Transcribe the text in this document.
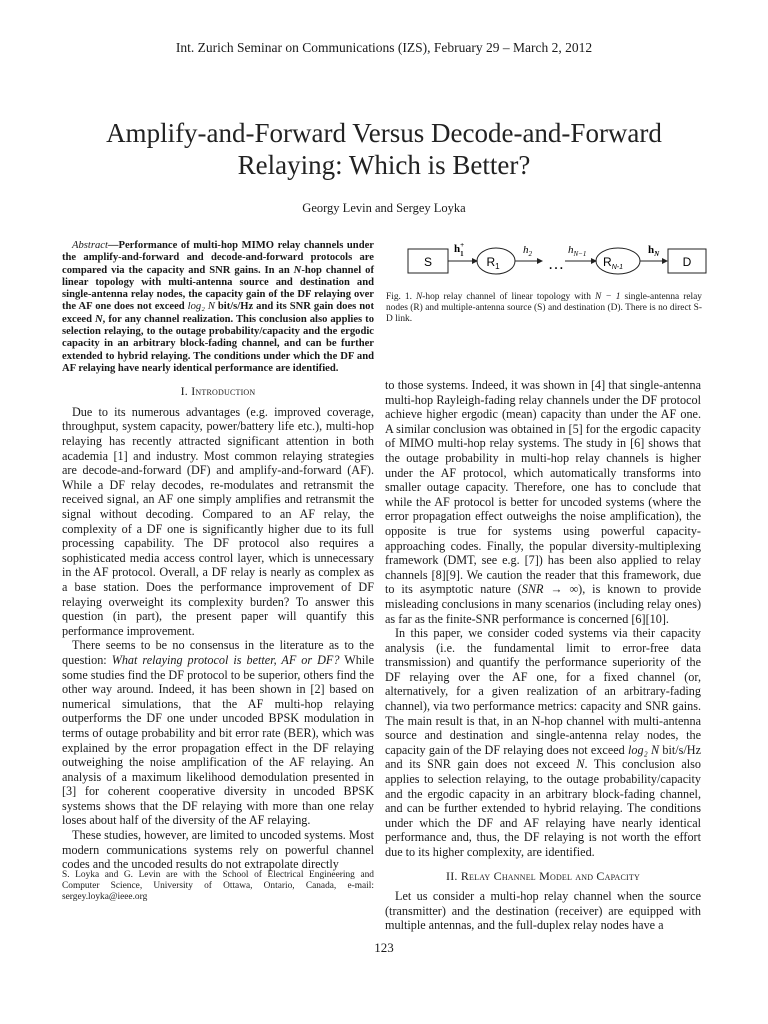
Int. Zurich Seminar on Communications (IZS), February 29 – March 2, 2012
Amplify-and-Forward Versus Decode-and-Forward
Relaying: Which is Better?
Georgy Levin and Sergey Loyka

Abstract—Performance of multi-hop MIMO relay channels under the amplify-and-forward and decode-and-forward protocols are compared via the capacity and SNR gains. In an N-hop channel of linear topology with multi-antenna source and destination and single-antenna relay nodes, the capacity gain of the DF relaying over the AF one does not exceed log₂ N bit/s/Hz and its SNR gain does not exceed N, for any channel realization. This conclusion also applies to selection relaying, to the outage probability/capacity and the ergodic capacity in an arbitrary block-fading channel, and can be further extended to hybrid relaying. The conditions under which the DF and AF relaying have nearly identical performance are identified.

I. Introduction

Due to its numerous advantages (e.g. improved coverage, throughput, system capacity, power/battery life etc.), multi-hop relaying has recently attracted significant attention in both academia [1] and industry. Most common relaying strategies are decode-and-forward (DF) and amplify-and-forward (AF). While a DF relay decodes, re-modulates and retransmit the received signal, an AF one simply amplifies and retransmit the signal without decoding. Compared to an AF relay, the complexity of a DF one is significantly higher due to its full processing capability. The DF protocol also requires a sophisticated media access control layer, which is unnecessary in the AF protocol. Overall, a DF relay is nearly as complex as a base station. Does the performance improvement of DF relaying overweight its complexity burden? To answer this question (in part), the present paper will quantify this performance improvement.

There seems to be no consensus in the literature as to the question: What relaying protocol is better, AF or DF? While some studies find the DF protocol to be superior, others find the other way around. Indeed, it has been shown in [2] based on numerical simulations, that the AF multi-hop relaying outperforms the DF one under uncoded BPSK modulation in terms of outage probability and bit error rate (BER), which was explained by the error propagation effect in the DF relaying outweighing the noise amplification of the AF relaying. An analysis of a maximum likelihood demodulation presented in [3] for coherent cooperative diversity in uncoded BPSK systems shows that the DF relaying with more than one relay loses about half of the diversity of the AF relaying.

These studies, however, are limited to uncoded systems. Most modern communications systems rely on powerful channel codes and the uncoded results do not extrapolate directly

S. Loyka and G. Levin are with the School of Electrical Engineering and Computer Science, University of Ottawa, Ontario, Canada, e-mail: sergey.loyka@ieee.org
S
h+ 1
$R_1$
$h_2$
…
$h_{N-1}$
$R_{N-1}$
$h_N$
D

Fig. 1. N-hop relay channel of linear topology with N − 1 single-antenna relay nodes (R) and multiple-antenna source (S) and destination (D). There is no direct S-D link.

to those systems. Indeed, it was shown in [4] that single-antenna multi-hop Rayleigh-fading relay channels under the DF protocol achieve higher ergodic (mean) capacity than under the AF one. A similar conclusion was obtained in [5] for the ergodic capacity of MIMO multi-hop relay systems. The study in [6] shows that the outage probability in multi-hop relay channels is higher under the AF protocol, which automatically transforms into smaller outage capacity. Therefore, one has to conclude that while the AF protocol is better for uncoded systems (where the error propagation effect outweighs the noise amplification), the opposite is true for systems using powerful capacity-approaching codes. Finally, the popular diversity-multiplexing framework (DMT, see e.g. [7]) has been also applied to relay channels [8][9]. We caution the reader that this framework, due to its asymptotic nature (SNR → ∞), is known to provide misleading conclusions in many scenarios (including relay ones) as far as the finite-SNR performance is concerned [6][10].

In this paper, we consider coded systems via their capacity analysis (i.e. the fundamental limit to error-free data transmission) and quantify the performance superiority of the DF relaying over the AF one, for a fixed channel (or, alternatively, for a given realization of an arbitrary-fading channel), via two performance metrics: capacity and SNR gains. The main result is that, in an N-hop channel with multi-antenna source and destination and single-antenna relay nodes, the capacity gain of the DF relaying does not exceed log₂ N bit/s/Hz and its SNR gain does not exceed N. This conclusion also applies to selection relaying, to the outage probability/capacity and the ergodic capacity in an arbitrary block-fading channel, and can be further extended to hybrid relaying. The conditions under which the DF and AF relaying have nearly identical performance and, thus, the DF relaying is not worth the effort due to its higher complexity, are identified.

II. Relay Channel Model and Capacity

Let us consider a multi-hop relay channel when the source (transmitter) and the destination (receiver) are equipped with multiple antennas, and the full-duplex relay nodes have a

123
